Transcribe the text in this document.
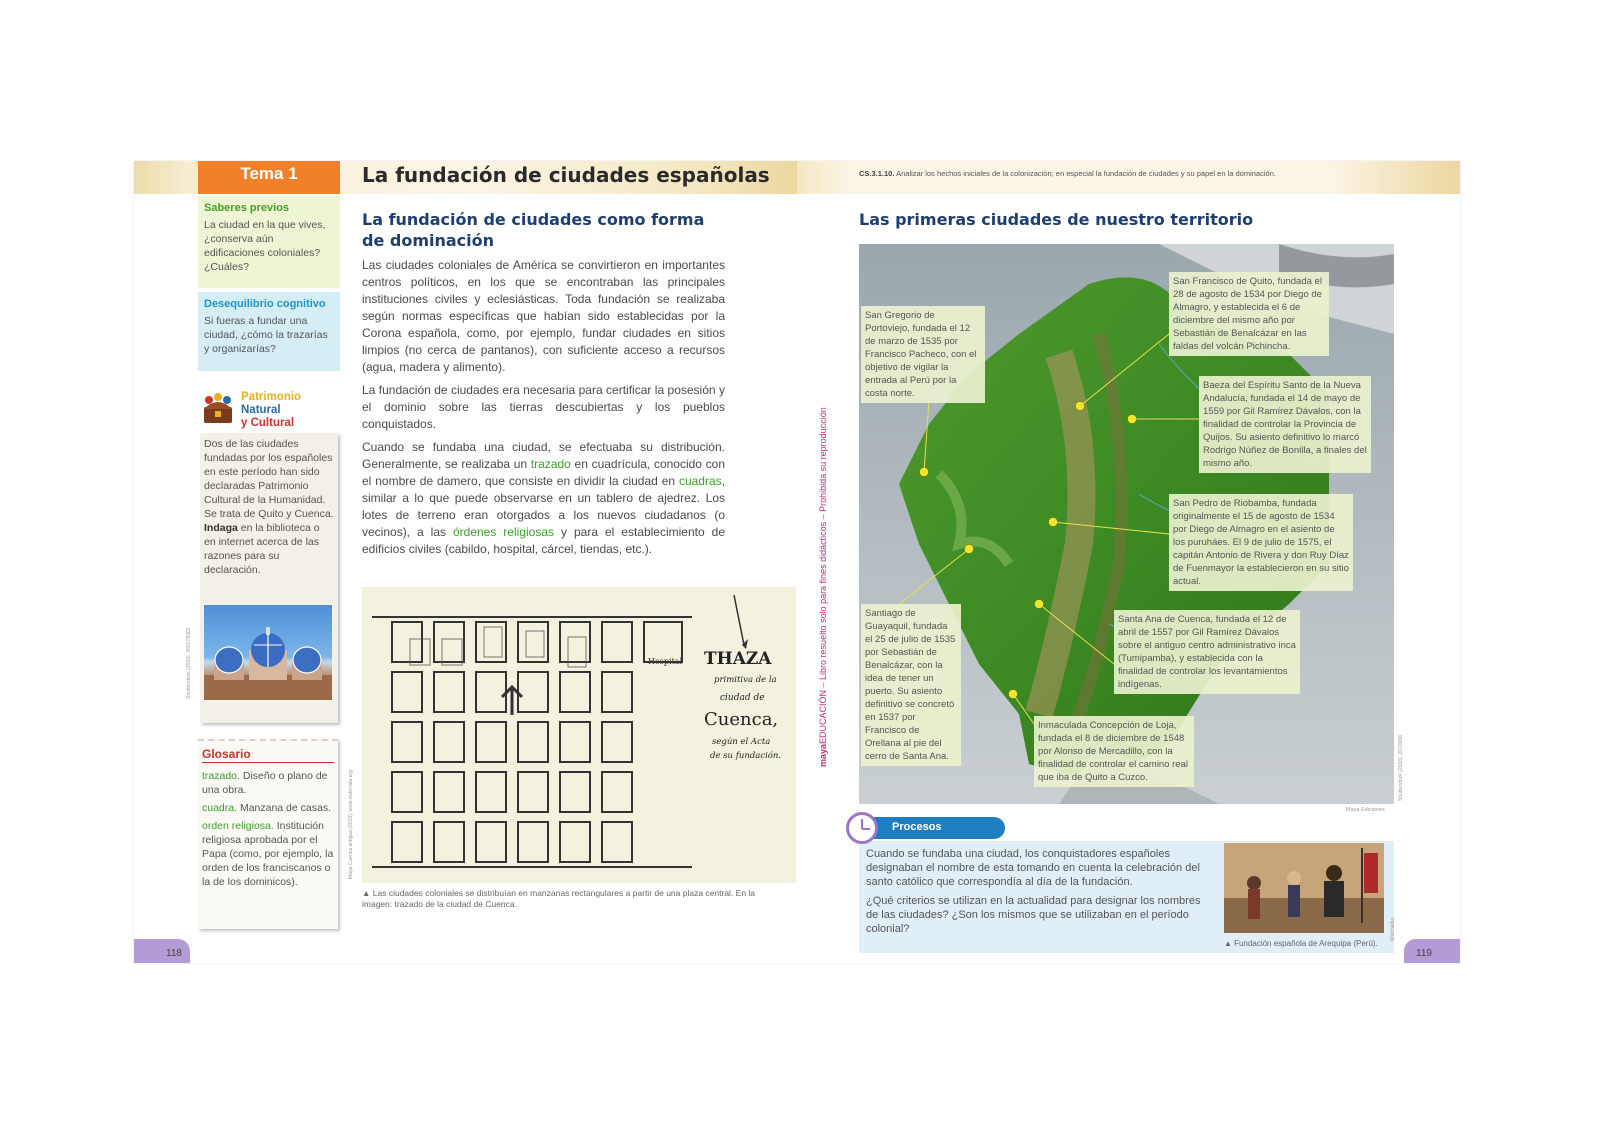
Tema 1	La fundación de ciudades españolas	CS.3.1.10. Analizar los hechos iniciales de la colonización; en especial la fundación de ciudades y su papel en la dominación.
Saberes previos
La ciudad en la que vives, ¿conserva aún edificaciones coloniales? ¿Cuáles?
Desequilibrio cognitivo
Si fueras a fundar una ciudad, ¿cómo la trazarías y organizarías?
Patrimonio
Natural
y Cultural

Dos de las ciudades fundadas por los españoles en este período han sido declaradas Patrimonio Cultural de la Humanidad. Se trata de Quito y Cuenca.

Indaga en la biblioteca o en internet acerca de las razones para su declaración.

Shutterstock (2018). 360778362
Glosario

trazado. Diseño o plano de una obra.

cuadra. Manzana de casas.

orden religiosa. Institución religiosa aprobada por el Papa (como, por ejemplo, la orden de los franciscanos o la de los dominicos).

La fundación de ciudades como forma
de dominación

Las ciudades coloniales de América se convirtieron en importantes centros políticos, en los que se encontraban las principales instituciones civiles y eclesiásticas. Toda fundación se realizaba según normas específicas que habían sido establecidas por la Corona española, como, por ejemplo, fundar ciudades en sitios limpios (no cerca de pantanos), con suficiente acceso a recursos (agua, madera y alimento).

La fundación de ciudades era necesaria para certificar la posesión y el dominio sobre las tierras descubiertas y los pueblos conquistados.

Cuando se fundaba una ciudad, se efectuaba su distribución. Generalmente, se realizaba un trazado en cuadrícula, conocido con el nombre de damero, que consiste en dividir la ciudad en cuadras, similar a lo que puede observarse en un tablero de ajedrez. Los lotes de terreno eran otorgados a los nuevos ciudadanos (o vecinos), a las órdenes religiosas y para el establecimiento de edificios civiles (cabildo, hospital, cárcel, tiendas, etc.).

THAZA
primitiva de la
ciudad de
Cuenca,
según el Acta
de su fundación.
Hospital
Mapa Cuenca antigua (2018). www.viaferrata.org
▲ Las ciudades coloniales se distribuían en manzanas rectangulares a partir de una plaza central. En la imagen: trazado de la ciudad de Cuenca.
mayaEDUCACIÓN – Libro resuelto solo para fines didácticos – Prohibida su reproducción
Las primeras ciudades de nuestro territorio
San Francisco de Quito, fundada el 28 de agosto de 1534 por Diego de Almagro, y establecida el 6 de diciembre del mismo año por Sebastián de Benalcázar en las faldas del volcán Pichincha.
San Gregorio de Portoviejo, fundada el 12 de marzo de 1535 por Francisco Pacheco, con el objetivo de vigilar la entrada al Perú por la costa norte.
Baeza del Espíritu Santo de la Nueva Andalucía, fundada el 14 de mayo de 1559 por Gil Ramírez Dávalos, con la finalidad de controlar la Provincia de Quijos. Su asiento definitivo lo marcó Rodrigo Núñez de Bonilla, a finales del mismo año.
San Pedro de Riobamba, fundada originalmente el 15 de agosto de 1534 por Diego de Almagro en el asiento de los puruháes. El 9 de julio de 1575, el capitán Antonio de Rivera y don Ruy Díaz de Fuenmayor la establecieron en su sitio actual.
Santiago de Guayaquil, fundada el 25 de julio de 1535 por Sebastián de Benalcázar, con la idea de tener un puerto. Su asiento definitivo se concretó en 1537 por Francisco de Orellana al pie del cerro de Santa Ana.
Santa Ana de Cuenca, fundada el 12 de abril de 1557 por Gil Ramírez Dávalos sobre el antiguo centro administrativo inca (Tumipamba), y establecida con la finalidad de controlar los levantamientos indígenas.
Inmaculada Concepción de Loja, fundada el 8 de diciembre de 1548 por Alonso de Mercadillo, con la finalidad de controlar el camino real que iba de Quito a Cuzco.
Maya Ediciones
Shutterstock (2018). 2670068
Procesos

Cuando se fundaba una ciudad, los conquistadores españoles designaban el nombre de esta tomando en cuenta la celebración del santo católico que correspondía al día de la fundación.

¿Qué criterios se utilizan en la actualidad para designar los nombres de las ciudades? ¿Son los mismos que se utilizaban en el período colonial?

▲ Fundación española de Arequipa (Perú).
Wikimedia
118	119
